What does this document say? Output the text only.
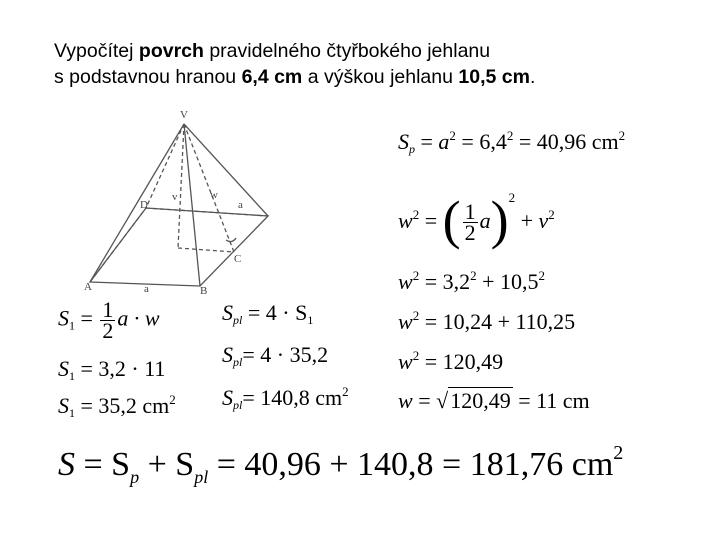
Vypočítej povrch pravidelného čtyřbokého jehlanu
s podstavnou hranou 6,4 cm a výškou jehlanu 10,5 cm.
V
A	a	B
C
D
w
v
a
$S_p = a^2 = 6,4^2 = 40,96$ $cm^2$
$w^2$ = ( $\frac{1}{2} a)^2 + v^2$
$w^2 = 3,2^2 + 10,5^2$
$w^2 = 10,24 + 110,25$
$w^2 = 120,49$
w = √120,49 = 11 cm
$S_1 = \frac{1}{2}$ a · w
$S_1 = 3,2 \cdot 11$
$S_1 = 35,2$ $cm^2$
$S_{pl} = 4 \cdot S_1$
$S_{pl}= 4 \cdot 35,2$
$S_{pl}= 140,8$ $cm^2$
$S = S_p + S_{pl} = 40,96 + 140,8 = 181,76$ $cm^2$
